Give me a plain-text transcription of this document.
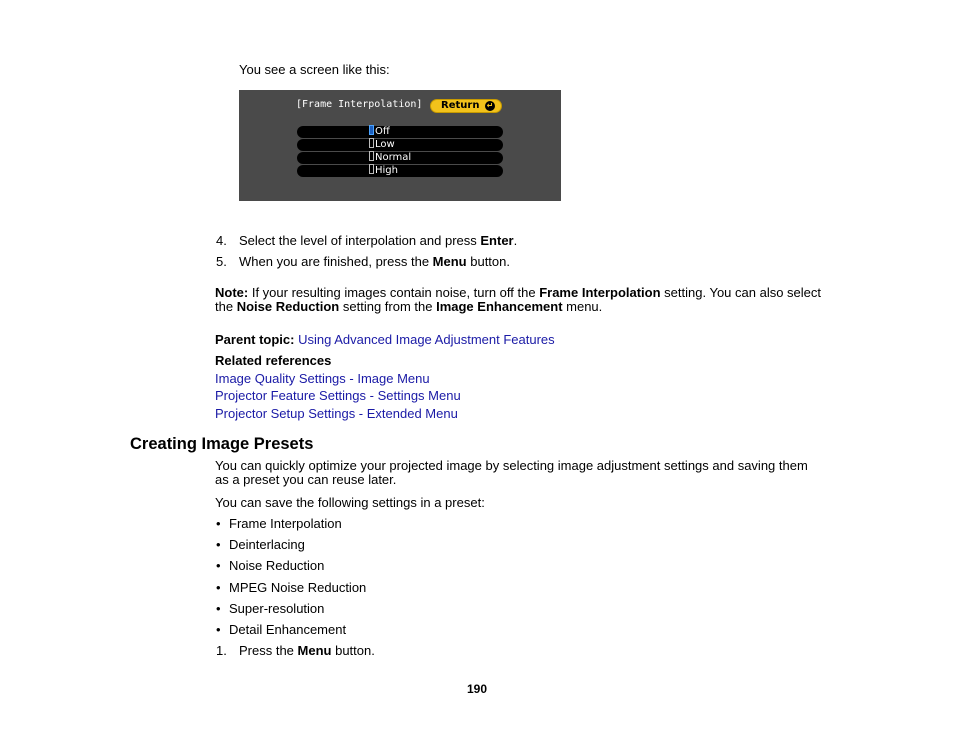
You see a screen like this:
[Frame Interpolation]	Return ↵
Off
Low
Normal
High
4. Select the level of interpolation and press Enter.
5. When you are finished, press the Menu button.
Note: If your resulting images contain noise, turn off the Frame Interpolation setting. You can also select the Noise Reduction setting from the Image Enhancement menu.
Parent topic: Using Advanced Image Adjustment Features
Related references
Image Quality Settings - Image Menu
Projector Feature Settings - Settings Menu
Projector Setup Settings - Extended Menu
Creating Image Presets
You can quickly optimize your projected image by selecting image adjustment settings and saving them as a preset you can reuse later.
You can save the following settings in a preset:
• Frame Interpolation
• Deinterlacing
• Noise Reduction
• MPEG Noise Reduction
• Super-resolution
• Detail Enhancement
1. Press the Menu button.
190
